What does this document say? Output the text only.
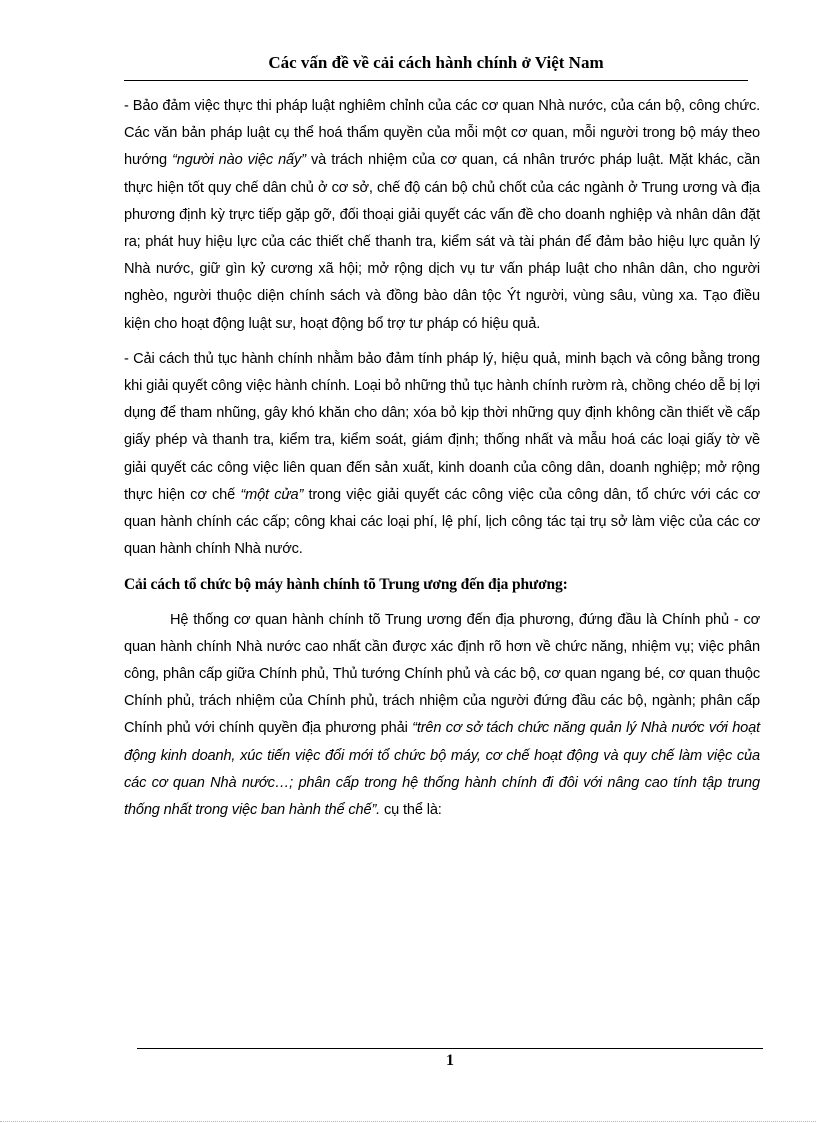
Các vấn đề về cải cách hành chính ở Việt Nam

- Bảo đảm việc thực thi pháp luật nghiêm chỉnh của các cơ quan Nhà nước, của cán bộ, công chức. Các văn bản pháp luật cụ thể hoá thẩm quyền của mỗi một cơ quan, mỗi người trong bộ máy theo hướng “người nào việc nấy” và trách nhiệm của cơ quan, cá nhân trước pháp luật. Mặt khác, cần thực hiện tốt quy chế dân chủ ở cơ sở, chế độ cán bộ chủ chốt của các ngành ở Trung ương và địa phương định kỳ trực tiếp gặp gỡ, đối thoại giải quyết các vấn đề cho doanh nghiệp và nhân dân đặt ra; phát huy hiệu lực của các thiết chế thanh tra, kiểm sát và tài phán để đảm bảo hiệu lực quản lý Nhà nước, giữ gìn kỷ cương xã hội; mở rộng dịch vụ tư vấn pháp luật cho nhân dân, cho người nghèo, người thuộc diện chính sách và đồng bào dân tộc Ýt người, vùng sâu, vùng xa. Tạo điều kiện cho hoạt động luật sư, hoạt động bổ trợ tư pháp có hiệu quả.

- Cải cách thủ tục hành chính nhằm bảo đảm tính pháp lý, hiệu quả, minh bạch và công bằng trong khi giải quyết công việc hành chính. Loại bỏ những thủ tục hành chính rườm rà, chồng chéo dễ bị lợi dụng để tham nhũng, gây khó khăn cho dân; xóa bỏ kịp thời những quy định không cần thiết về cấp giấy phép và thanh tra, kiểm tra, kiểm soát, giám định; thống nhất và mẫu hoá các loại giấy tờ về giải quyết các công việc liên quan đến sản xuất, kinh doanh của công dân, doanh nghiệp; mở rộng thực hiện cơ chế “một cửa” trong việc giải quyết các công việc của công dân, tổ chức với các cơ quan hành chính các cấp; công khai các loại phí, lệ phí, lịch công tác tại trụ sở làm việc của các cơ quan hành chính Nhà nước.

Cải cách tổ chức bộ máy hành chính tõ Trung ương đến địa phương:

Hệ thống cơ quan hành chính tõ Trung ương đến địa phương, đứng đầu là Chính phủ - cơ quan hành chính Nhà nước cao nhất cần được xác định rõ hơn về chức năng, nhiệm vụ; việc phân công, phân cấp giữa Chính phủ, Thủ tướng Chính phủ và các bộ, cơ quan ngang bé, cơ quan thuộc Chính phủ, trách nhiệm của Chính phủ, trách nhiệm của người đứng đầu các bộ, ngành; phân cấp Chính phủ với chính quyền địa phương phải “trên cơ sở tách chức năng quản lý Nhà nước với hoạt động kinh doanh, xúc tiến việc đổi mới tổ chức bộ máy, cơ chế hoạt động và quy chế làm việc của các cơ quan Nhà nước…; phân cấp trong hệ thống hành chính đi đôi với nâng cao tính tập trung thống nhất trong việc ban hành thể chế”. cụ thể là:

1
